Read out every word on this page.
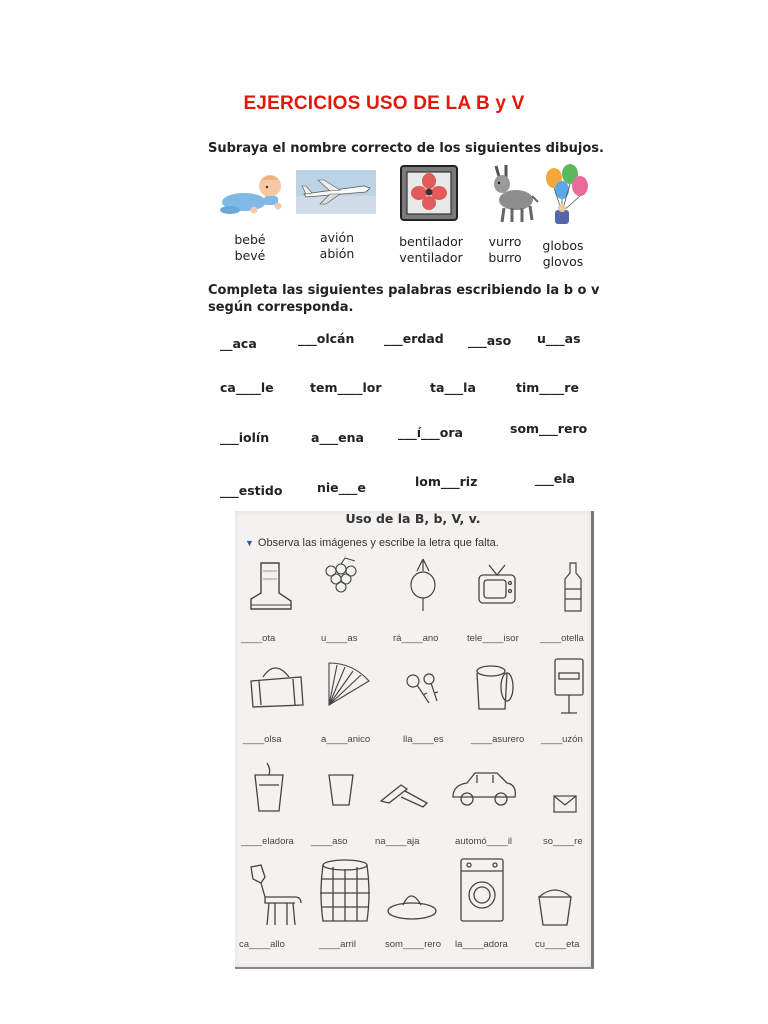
EJERCICIOS USO DE LA B y V
Subraya el nombre correcto de los siguientes dibujos.
bebé
bevé
avión
abión
bentilador
ventilador
vurro
burro
globos
glovos
Completa las siguientes palabras escribiendo la b o v
según corresponda.
__aca	___olcán ___erdad ___aso u___as
ca____le	tem____lor	ta___la	tim____re
___iolín	a___ena	___í___ora	som___rero
___estido	nie___e	lom___riz	___ela
Uso de la B, b, V, v.
▼ Observa las imágenes y escribe la letra que falta.
____ota	u____as	rá____ano	tele____isor ____otella
____olsa	a____anico	lla____es	____asurero ____uzón
____eladora ____aso	na____aja	automó____il	so____re
ca____allo	____arril	som____rero la____adora	cu____eta
